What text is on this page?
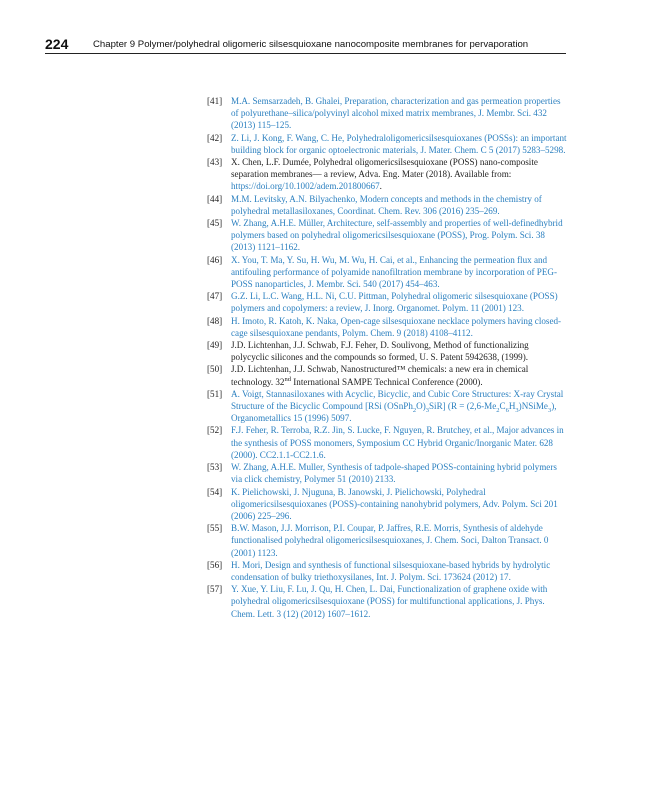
224	Chapter 9 Polymer/polyhedral oligomeric silsesquioxane nanocomposite membranes for pervaporation
[41] M.A. Semsarzadeh, B. Ghalei, Preparation, characterization and gas permeation properties of polyurethane–silica/polyvinyl alcohol mixed matrix membranes, J. Membr. Sci. 432 (2013) 115–125.
[42] Z. Li, J. Kong, F. Wang, C. He, Polyhedraloligomericsilsesquioxanes (POSSs): an important building block for organic optoelectronic materials, J. Mater. Chem. C 5 (2017) 5283–5298.
[43] X. Chen, L.F. Dumée, Polyhedral oligomericsilsesquioxane (POSS) nano-composite separation membranes— a review, Adva. Eng. Mater (2018). Available from: https://doi.org/10.1002/adem.201800667.
[44] M.M. Levitsky, A.N. Bilyachenko, Modern concepts and methods in the chemistry of polyhedral metallasiloxanes, Coordinat. Chem. Rev. 306 (2016) 235–269.
[45] W. Zhang, A.H.E. Müller, Architecture, self-assembly and properties of well-definedhybrid polymers based on polyhedral oligomericsilsesquioxane (POSS), Prog. Polym. Sci. 38 (2013) 1121–1162.
[46] X. You, T. Ma, Y. Su, H. Wu, M. Wu, H. Cai, et al., Enhancing the permeation flux and antifouling performance of polyamide nanofiltration membrane by incorporation of PEG-POSS nanoparticles, J. Membr. Sci. 540 (2017) 454–463.
[47] G.Z. Li, L.C. Wang, H.L. Ni, C.U. Pittman, Polyhedral oligomeric silsesquioxane (POSS) polymers and copolymers: a review, J. Inorg. Organomet. Polym. 11 (2001) 123.
[48] H. Imoto, R. Katoh, K. Naka, Open-cage silsesquioxane necklace polymers having closed-cage silsesquioxane pendants, Polym. Chem. 9 (2018) 4108–4112.
[49] J.D. Lichtenhan, J.J. Schwab, F.J. Feher, D. Soulivong, Method of functionalizing polycyclic silicones and the compounds so formed, U. S. Patent 5942638, (1999).
[50] J.D. Lichtenhan, J.J. Schwab, Nanostructured™ chemicals: a new era in chemical technology. 32nd International SAMPE Technical Conference (2000).
[51] A. Voigt, Stannasiloxanes with Acyclic, Bicyclic, and Cubic Core Structures: X-ray Crystal Structure of the Bicyclic Compound [RSi $(OSnPh_2O)_3SiR$] $(R = (2,6-Me_2C_6H_3)NSiMe_3)$, Organometallics 15 (1996) 5097.
[52] F.J. Feher, R. Terroba, R.Z. Jin, S. Lucke, F. Nguyen, R. Brutchey, et al., Major advances in the synthesis of POSS monomers, Symposium CC Hybrid Organic/Inorganic Mater. 628 (2000). CC2.1.1-CC2.1.6.
[53] W. Zhang, A.H.E. Muller, Synthesis of tadpole-shaped POSS-containing hybrid polymers via click chemistry, Polymer 51 (2010) 2133.
[54] K. Pielichowski, J. Njuguna, B. Janowski, J. Pielichowski, Polyhedral oligomericsilsesquioxanes (POSS)-containing nanohybrid polymers, Adv. Polym. Sci 201 (2006) 225–296.
[55] B.W. Mason, J.J. Morrison, P.I. Coupar, P. Jaffres, R.E. Morris, Synthesis of aldehyde functionalised polyhedral oligomericsilsesquioxanes, J. Chem. Soci, Dalton Transact. 0 (2001) 1123.
[56] H. Mori, Design and synthesis of functional silsesquioxane-based hybrids by hydrolytic condensation of bulky triethoxysilanes, Int. J. Polym. Sci. 173624 (2012) 17.
[57] Y. Xue, Y. Liu, F. Lu, J. Qu, H. Chen, L. Dai, Functionalization of graphene oxide with polyhedral oligomericsilsesquioxane (POSS) for multifunctional applications, J. Phys. Chem. Lett. 3 (12) (2012) 1607–1612.
